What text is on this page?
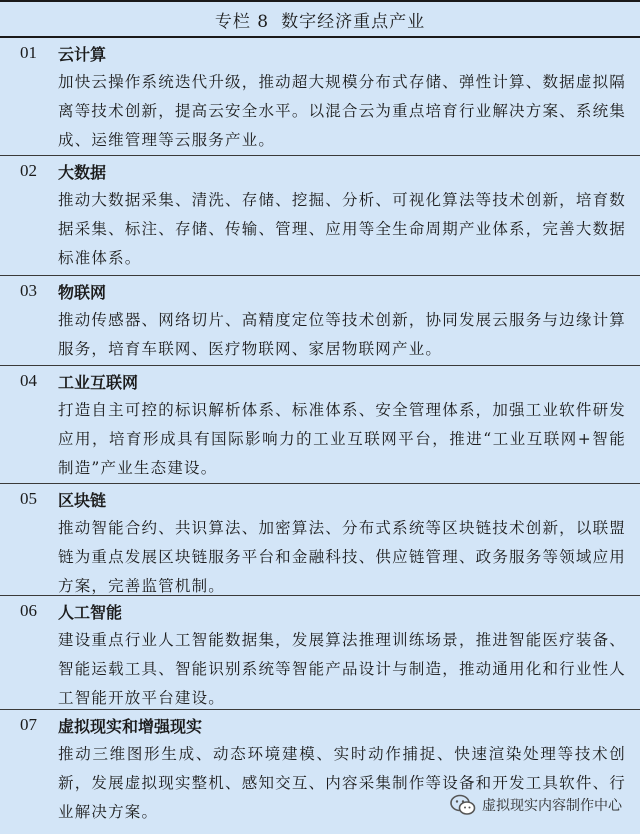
专栏 8 数字经济重点产业
01	云计算
加快云操作系统迭代升级，推动超大规模分布式存储、弹性计算、数据虚拟隔离等技术创新，提高云安全水平。以混合云为重点培育行业解决方案、系统集成、运维管理等云服务产业。
02	大数据
推动大数据采集、清洗、存储、挖掘、分析、可视化算法等技术创新，培育数据采集、标注、存储、传输、管理、应用等全生命周期产业体系，完善大数据标准体系。
03	物联网
推动传感器、网络切片、高精度定位等技术创新，协同发展云服务与边缘计算服务，培育车联网、医疗物联网、家居物联网产业。
04	工业互联网
打造自主可控的标识解析体系、标准体系、安全管理体系，加强工业软件研发应用，培育形成具有国际影响力的工业互联网平台，推进“工业互联网+智能制造”产业生态建设。
05	区块链
推动智能合约、共识算法、加密算法、分布式系统等区块链技术创新，以联盟链为重点发展区块链服务平台和金融科技、供应链管理、政务服务等领域应用方案，完善监管机制。
06	人工智能
建设重点行业人工智能数据集，发展算法推理训练场景，推进智能医疗装备、智能运载工具、智能识别系统等智能产品设计与制造，推动通用化和行业性人工智能开放平台建设。
07	虚拟现实和增强现实
推动三维图形生成、动态环境建模、实时动作捕捉、快速渲染处理等技术创新，发展虚拟现实整机、感知交互、内容采集制作等设备和开发工具软件、行业解决方案。	虚拟现实内容制作中心
